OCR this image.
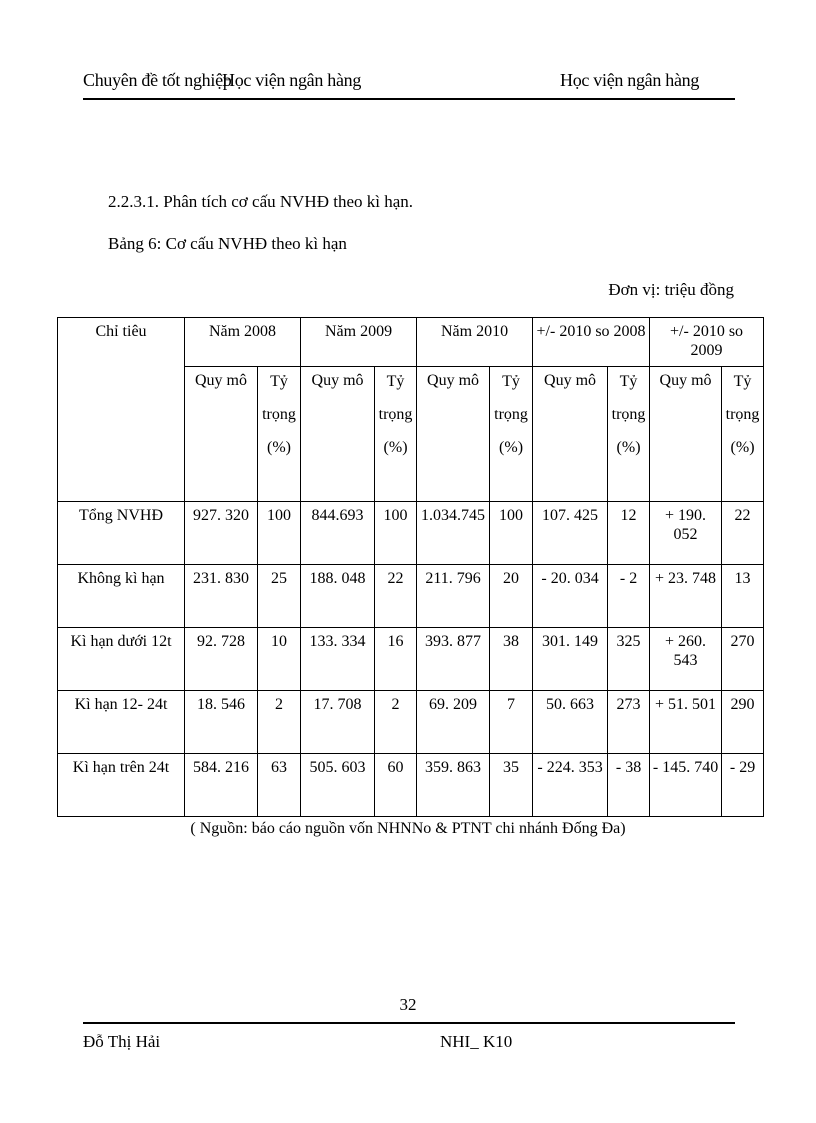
Chuyên đề tốt nghiệp
Học viện ngân hàng	Học viện ngân hàng
2.2.3.1. Phân tích cơ cấu NVHĐ theo kì hạn.
Bảng 6: Cơ cấu NVHĐ theo kì hạn
Đơn vị: triệu đồng
Chỉ tiêu	Năm 2008		Năm 2009		Năm 2010		+/- 2010 so 2008		+/- 2010 so 2009	
	Quy mô	Tỷ
trọng
(%)	Quy mô	Tỷ
trọng
(%)	Quy mô	Tỷ
trọng
(%)	Quy mô	Tỷ
trọng
(%)	Quy mô	Tỷ
trọng
(%)

Tổng NVHĐ	927. 320	100	844.693	100	1.034.745	100	107. 425	12	+ 190. 052	22
Không kì hạn	231. 830	25	188. 048	22	211. 796	20	- 20. 034	- 2	+ 23. 748	13
Kì hạn dưới 12t	92. 728	10	133. 334	16	393. 877	38	301. 149	325	+ 260. 543	270
Kì hạn 12- 24t	18. 546	2	17. 708	2	69. 209	7	50. 663	273	+ 51. 501	290
Kì hạn trên 24t	584. 216	63	505. 603	60	359. 863	35	- 224. 353	- 38	- 145. 740	- 29
( Nguồn: báo cáo nguồn vốn NHNNo & PTNT chi nhánh Đống Đa)
32
Đỗ Thị Hải	NHI_ K10
